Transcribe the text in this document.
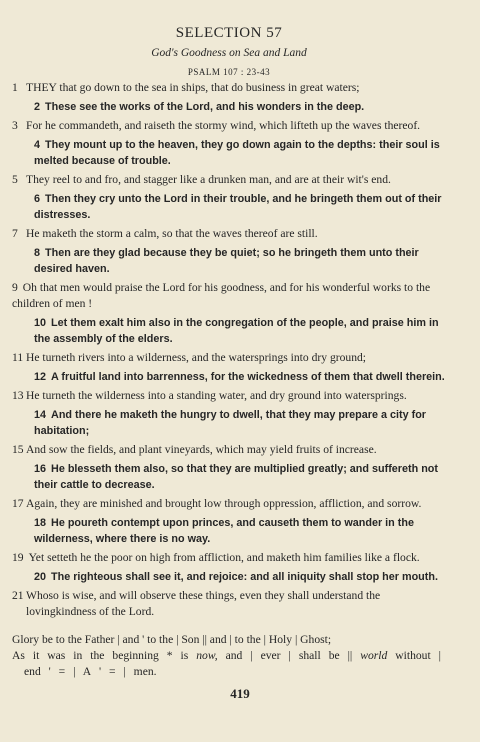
SELECTION 57
God's Goodness on Sea and Land
PSALM 107 : 23-43
1 THEY that go down to the sea in ships, that do business in great waters;
2 These see the works of the Lord, and his wonders in the deep.
3 For he commandeth, and raiseth the stormy wind, which lifteth up the waves thereof.
4 They mount up to the heaven, they go down again to the depths: their soul is melted because of trouble.
5 They reel to and fro, and stagger like a drunken man, and are at their wit's end.
6 Then they cry unto the Lord in their trouble, and he bringeth them out of their distresses.
7 He maketh the storm a calm, so that the waves thereof are still.
8 Then are they glad because they be quiet; so he bringeth them unto their desired haven.
9 Oh that men would praise the Lord for his goodness, and for his wonderful works to the children of men !
10 Let them exalt him also in the congregation of the people, and praise him in the assembly of the elders.
11 He turneth rivers into a wilderness, and the watersprings into dry ground;
12 A fruitful land into barrenness, for the wickedness of them that dwell therein.
13 He turneth the wilderness into a standing water, and dry ground into watersprings.
14 And there he maketh the hungry to dwell, that they may prepare a city for habitation;
15 And sow the fields, and plant vineyards, which may yield fruits of increase.
16 He blesseth them also, so that they are multiplied greatly; and suffereth not their cattle to decrease.
17 Again, they are minished and brought low through oppression, affliction, and sorrow.
18 He poureth contempt upon princes, and causeth them to wander in the wilderness, where there is no way.
19 Yet setteth he the poor on high from affliction, and maketh him families like a flock.
20 The righteous shall see it, and rejoice: and all iniquity shall stop her mouth.
21 Whoso is wise, and will observe these things, even they shall understand the lovingkindness of the Lord.
Glory be to the Father | and ' to the | Son || and | to the | Holy | Ghost;
As it was in the beginning * is now, and | ever | shall be || world without | end ' = | A ' = | men.
419
